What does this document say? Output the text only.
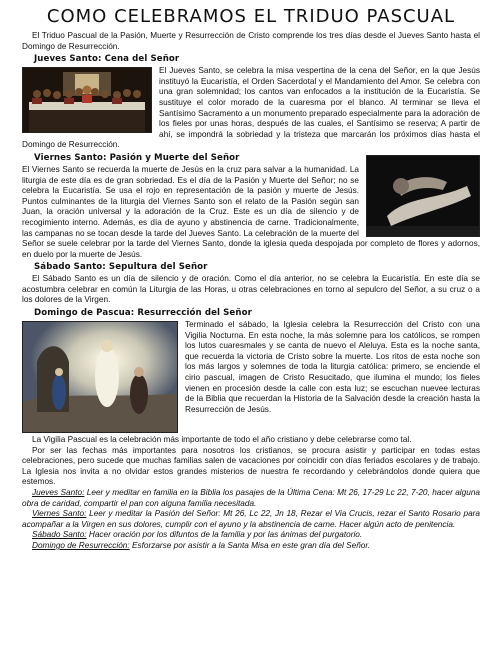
COMO CELEBRAMOS EL TRIDUO PASCUAL

El Triduo Pascual de la Pasión, Muerte y Resurrección de Cristo comprende los tres días desde el Jueves Santo hasta el Domingo de Resurrección.

Jueves Santo: Cena del Señor

El Jueves Santo, se celebra la misa vespertina de la cena del Señor, en la que Jesús instituyó la Eucaristía, el Orden Sacerdotal y el Mandamiento del Amor. Se celebra con una gran solemnidad; los cantos van enfocados a la institución de la Eucaristía. Se sustituye el color morado de la cuaresma por el blanco. Al terminar se lleva el Santísimo Sacramento a un monumento preparado especialmente para la adoración de los fieles por unas horas, después de las cuales, el Santísimo se reserva; A partir de ahí, se impondrá la sobriedad y la tristeza que marcarán los próximos días hasta el Domingo de Resurrección.

Viernes Santo: Pasión y Muerte del Señor

El Viernes Santo se recuerda la muerte de Jesús en la cruz para salvar a la humanidad. La liturgia de este día es de gran sobriedad. Es el día de la Pasión y Muerte del Señor; no se celebra la Eucaristía. Se usa el rojo en representación de la pasión y muerte de Jesús. Puntos culminantes de la liturgia del Viernes Santo son el relato de la Pasión según san Juan, la oración universal y la adoración de la Cruz. Este es un día de silencio y de recogimiento interno. Además, es día de ayuno y abstinencia de carne. Tradicionalmente, las campanas no se tocan desde la tarde del Jueves Santo. La celebración de la muerte del Señor se suele celebrar por la tarde del Viernes Santo, donde la iglesia queda despojada por completo de flores y adornos, en duelo por la muerte de Jesús.

Sábado Santo: Sepultura del Señor

El Sábado Santo es un día de silencio y de oración. Como el día anterior, no se celebra la Eucaristía. En este día se acostumbra celebrar en común la Liturgia de las Horas, u otras celebraciones en torno al sepulcro del Señor, a su cruz o a los dolores de la Virgen.

Domingo de Pascua: Resurrección del Señor

Terminado el sábado, la Iglesia celebra la Resurrección del Cristo con una Vigilia Nocturna. En esta noche, la más solemne para los católicos, se rompen los lutos cuaresmales y se canta de nuevo el Aleluya. Esta es la noche santa, que recuerda la victoria de Cristo sobre la muerte. Los ritos de esta noche son los más largos y solemnes de toda la liturgia católica: primero, se enciende el cirio pascual, imagen de Cristo Resucitado, que ilumina el mundo; los fieles vienen en procesión desde la calle con esta luz; se escuchan nuevee lecturas de la Biblia que recuerdan la Historia de la Salvación desde la creación hasta la Resurrección de Jesús.

La Vigilia Pascual es la celebración más importante de todo el año cristiano y debe celebrarse como tal.

Por ser las fechas más importantes para nosotros los cristianos, se procura asistir y participar en todas estas celebraciones, pero sucede que muchas familias salen de vacaciones por coincidir con días feriados escolares y de trabajo. La Iglesia nos invita a no olvidar estos grandes misterios de nuestra fe recordando y celebrándolos donde quiera que estemos.

Jueves Santo: Leer y meditar en familia en la Biblia los pasajes de la Última Cena: Mt 26, 17-29 Lc 22, 7-20, hacer alguna obra de caridad, compartir el pan con alguna familia necesitada.

Viernes Santo: Leer y meditar la Pasión del Señor: Mt 26, Lc 22, Jn 18, Rezar el Via Crucis, rezar el Santo Rosario para acompañar a la Virgen en sus dolores, cumplir con el ayuno y la abstinencia de carne. Hacer algún acto de penitencia.

Sábado Santo: Hacer oración por los difuntos de la familia y por las ánimas del purgatorio.

Domingo de Resurrección: Esforzarse por asistir a la Santa Misa en este gran día del Señor.
